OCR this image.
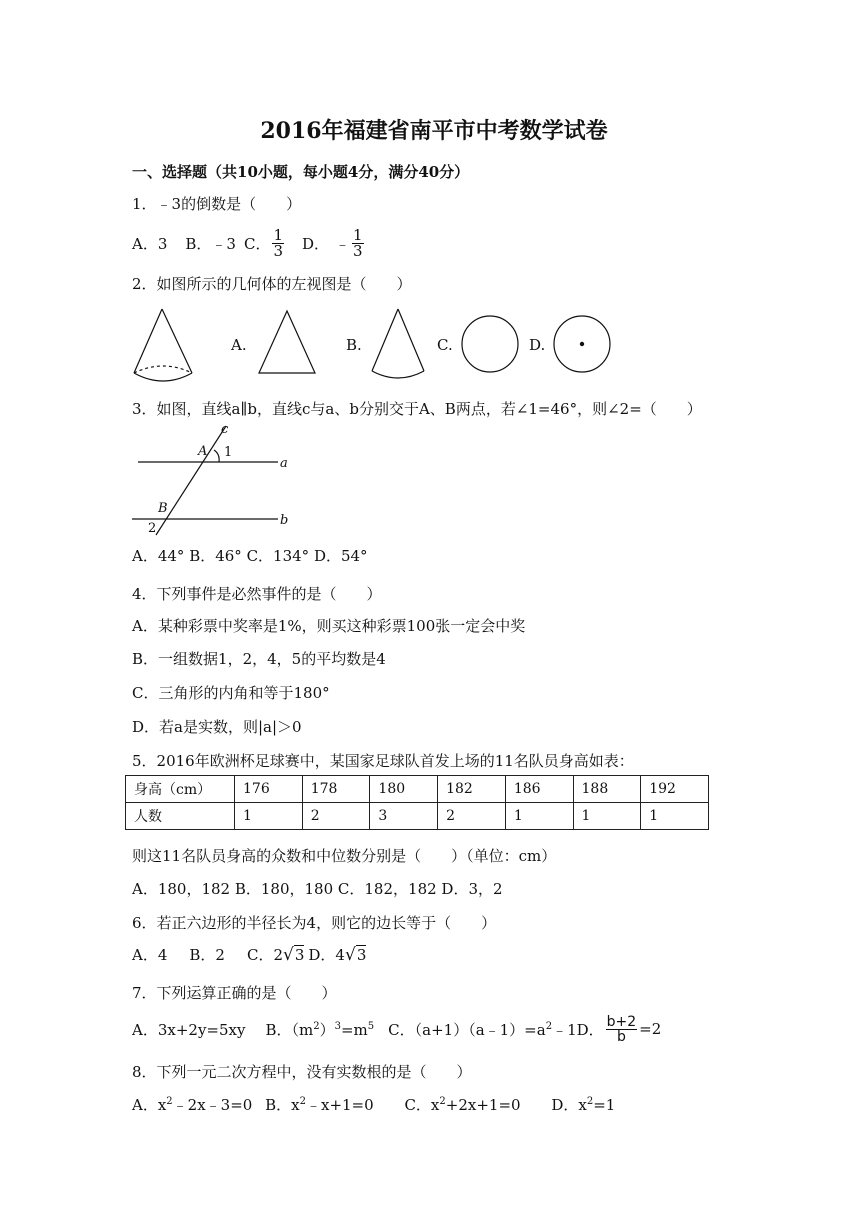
2016年福建省南平市中考数学试卷
一、选择题（共10小题，每小题4分，满分40分）
1．﹣3的倒数是（　　）
A．3 B．﹣3 C． $\frac{1}{3}$ D． ﹣ $\frac{1}{3}$
2．如图所示的几何体的左视图是（　　）
A.	B.	C.	D.
3．如图，直线a∥b，直线c与a、b分别交于A、B两点，若∠1=46°，则∠2=（　　）
c
A
a
B
b
1
2
A．44° B．46° C．134° D．54°
4．下列事件是必然事件的是（　　）
A．某种彩票中奖率是1%，则买这种彩票100张一定会中奖
B．一组数据1，2，4，5的平均数是4
C．三角形的内角和等于180°
D．若a是实数，则|a|＞0
5．2016年欧洲杯足球赛中，某国家足球队首发上场的11名队员身高如表：
身高（cm）	176	178	180	182	186	188	192
人数	1	2	3	2	1	1	1
则这11名队员身高的众数和中位数分别是（　　）（单位：cm）
A．180，182 B．180，180 C．182，182 D．3，2
6．若正六边形的半径长为4，则它的边长等于（　　）
A．4 B．2 C．2 √3 D．4 √3
7．下列运算正确的是（　　）
A．3x+2y=5xy B．$(m^2)^3=m^5$ C．$(a+1)(a﹣1)=a^2﹣1$ D． $\frac{b+2}{b} =2$
8．下列一元二次方程中，没有实数根的是（　　）
A．$x^2﹣2x﹣3=0$ B．$x^2﹣x+1=0$ C．$x^2+2x+1=0$ D．$x^2=1$
